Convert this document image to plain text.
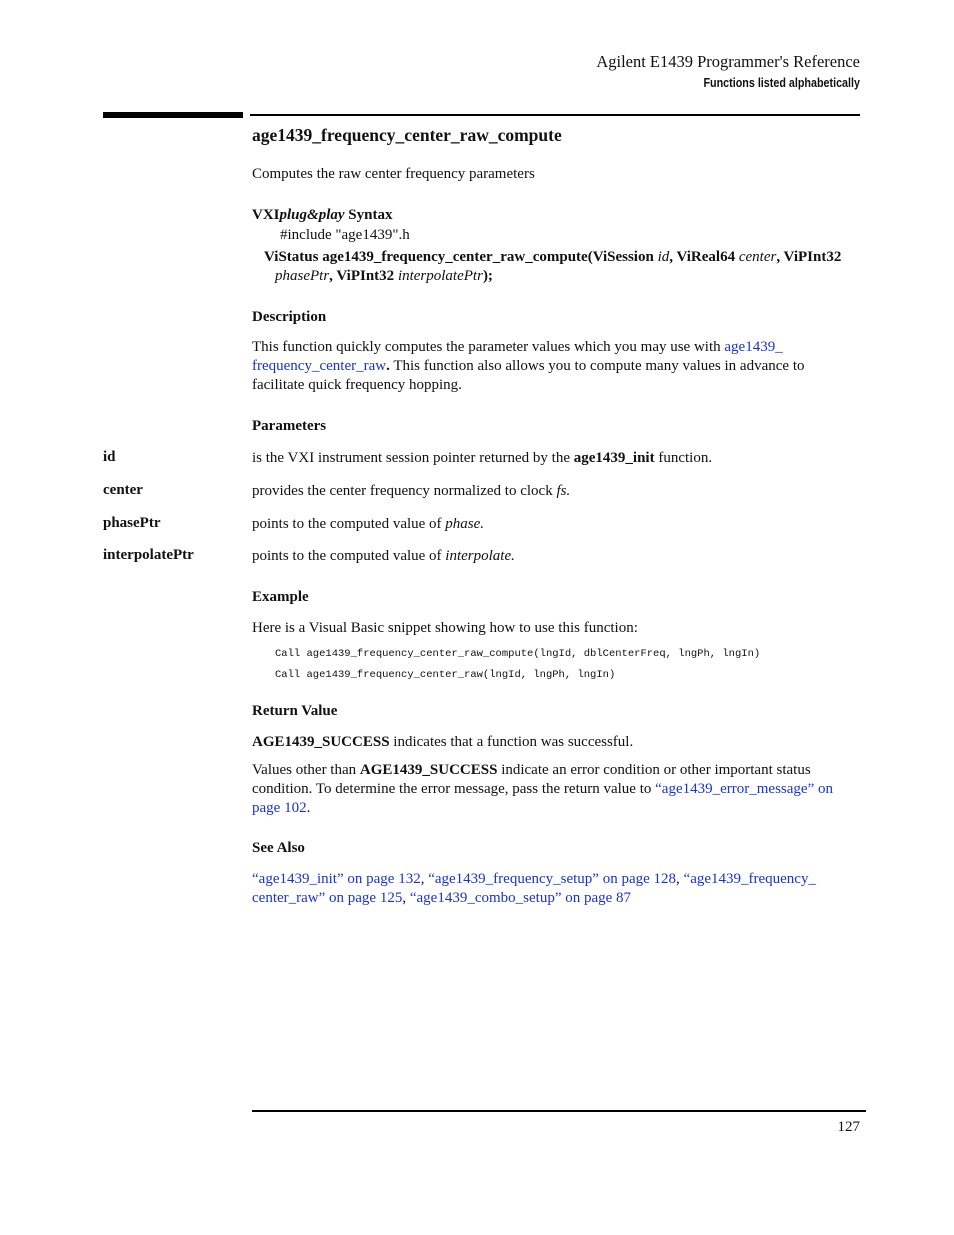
Agilent E1439 Programmer's Reference
Functions listed alphabetically
age1439_frequency_center_raw_compute
Computes the raw center frequency parameters
VXIplug&play Syntax
#include "age1439".h
ViStatus age1439_frequency_center_raw_compute(ViSession id, ViReal64 center, ViPInt32
phasePtr, ViPInt32 interpolatePtr);
Description
This function quickly computes the parameter values which you may use with age1439_
frequency_center_raw. This function also allows you to compute many values in advance to
facilitate quick frequency hopping.
Parameters
id	is the VXI instrument session pointer returned by the age1439_init function.
center	provides the center frequency normalized to clock fs.
phasePtr	points to the computed value of phase.
interpolatePtr	points to the computed value of interpolate.
Example
Here is a Visual Basic snippet showing how to use this function:
Call age1439_frequency_center_raw_compute(lngId, dblCenterFreq, lngPh, lngIn)
Call age1439_frequency_center_raw(lngId, lngPh, lngIn)
Return Value
AGE1439_SUCCESS indicates that a function was successful.
Values other than AGE1439_SUCCESS indicate an error condition or other important status
condition. To determine the error message, pass the return value to “age1439_error_message” on
page 102.
See Also
“age1439_init” on page 132, “age1439_frequency_setup” on page 128, “age1439_frequency_
center_raw” on page 125, “age1439_combo_setup” on page 87
127
